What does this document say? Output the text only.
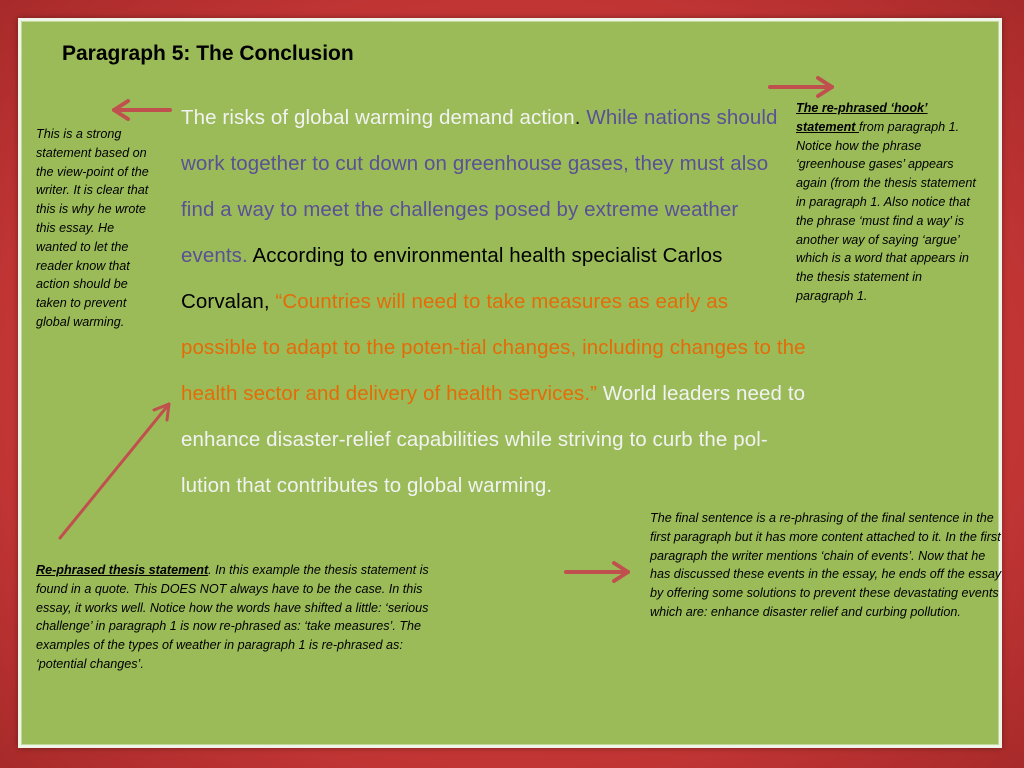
Paragraph 5: The Conclusion
The risks of global warming demand action. While nations should work together to cut down on greenhouse gases, they must also find a way to meet the challenges posed by extreme weather events. According to environmental health specialist Carlos Corvalan, “Countries will need to take measures as early as possible to adapt to the poten-tial changes, including changes to the health sector and delivery of health services.” World leaders need to enhance disaster-relief capabilities while striving to curb the pol-lution that contributes to global warming.
This is a strong statement based on the view-point of the writer. It is clear that this is why he wrote this essay. He wanted to let the reader know that action should be taken to prevent global warming.
The re-phrased ‘hook’ statement from paragraph 1. Notice how the phrase ‘greenhouse gases’ appears again (from the thesis statement in paragraph 1. Also notice that the phrase ‘must find a way’ is another way of saying ‘argue’ which is a word that appears in the thesis statement in paragraph 1.
Re-phrased thesis statement. In this example the thesis statement is found in a quote. This DOES NOT always have to be the case. In this essay, it works well. Notice how the words have shifted a little: ‘serious challenge’ in paragraph 1 is now re-phrased as: ‘take measures’. The examples of the types of weather in paragraph 1 is re-phrased as: ‘potential changes’.
The final sentence is a re-phrasing of the final sentence in the first paragraph but it has more content attached to it. In the first paragraph the writer mentions ‘chain of events’. Now that he has discussed these events in the essay, he ends off the essay by offering some solutions to prevent these devastating events which are: enhance disaster relief and curbing pollution.
